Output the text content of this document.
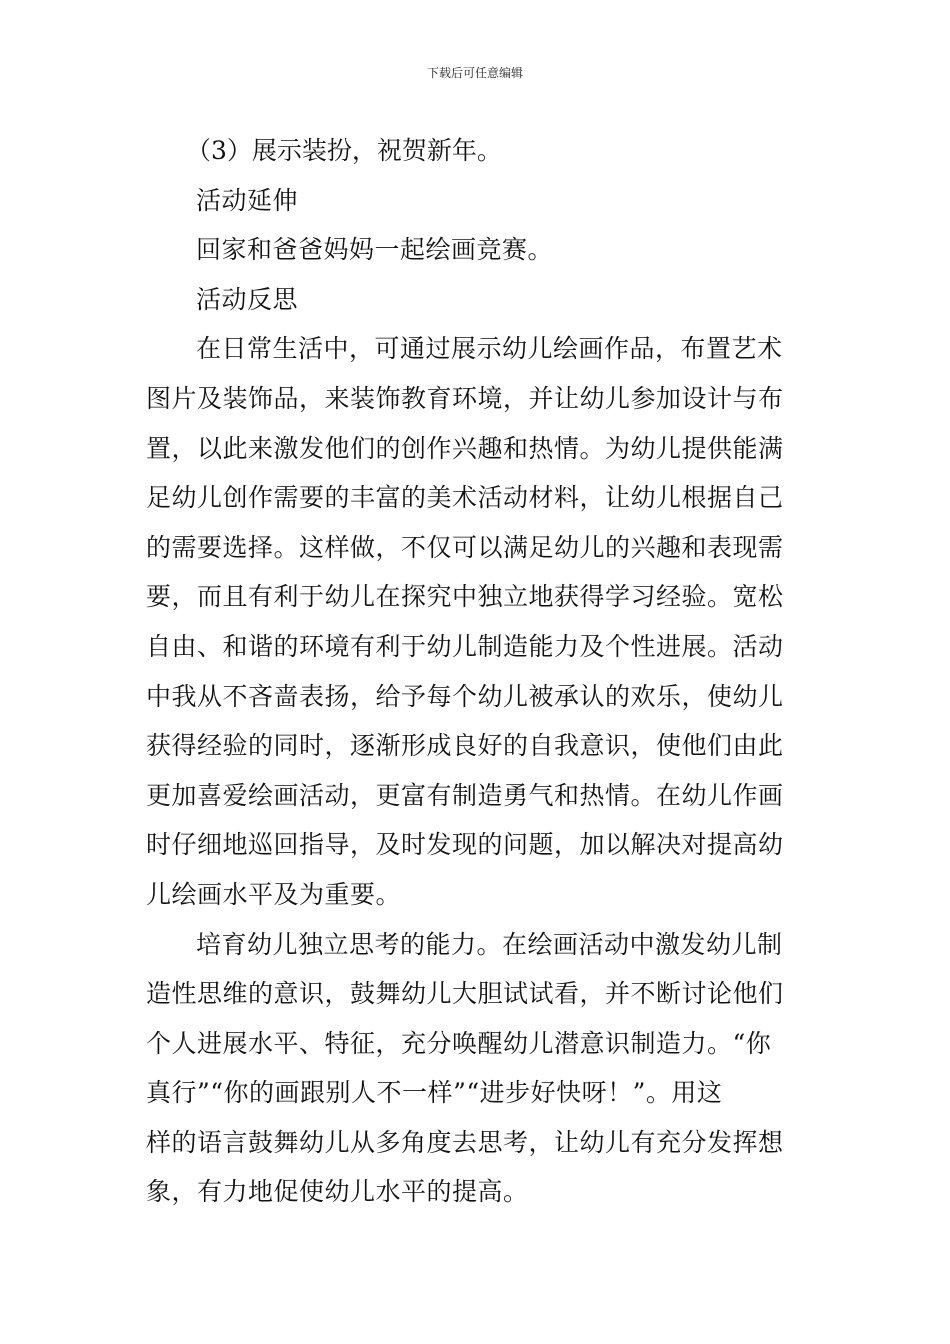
下载后可任意编辑
（3）展示装扮，祝贺新年。
活动延伸
回家和爸爸妈妈一起绘画竞赛。
活动反思
在日常生活中，可通过展示幼儿绘画作品，布置艺术
图片及装饰品，来装饰教育环境，并让幼儿参加设计与布
置，以此来激发他们的创作兴趣和热情。为幼儿提供能满
足幼儿创作需要的丰富的美术活动材料，让幼儿根据自己
的需要选择。这样做，不仅可以满足幼儿的兴趣和表现需
要，而且有利于幼儿在探究中独立地获得学习经验。宽松
自由、和谐的环境有利于幼儿制造能力及个性进展。活动
中我从不吝啬表扬，给予每个幼儿被承认的欢乐，使幼儿
获得经验的同时，逐渐形成良好的自我意识，使他们由此
更加喜爱绘画活动，更富有制造勇气和热情。在幼儿作画
时仔细地巡回指导，及时发现的问题，加以解决对提高幼
儿绘画水平及为重要。
培育幼儿独立思考的能力。在绘画活动中激发幼儿制
造性思维的意识，鼓舞幼儿大胆试试看，并不断讨论他们
个人进展水平、特征，充分唤醒幼儿潜意识制造力。“你
真行”“你的画跟别人不一样”“进步好快呀！”。用这
样的语言鼓舞幼儿从多角度去思考，让幼儿有充分发挥想
象，有力地促使幼儿水平的提高。
